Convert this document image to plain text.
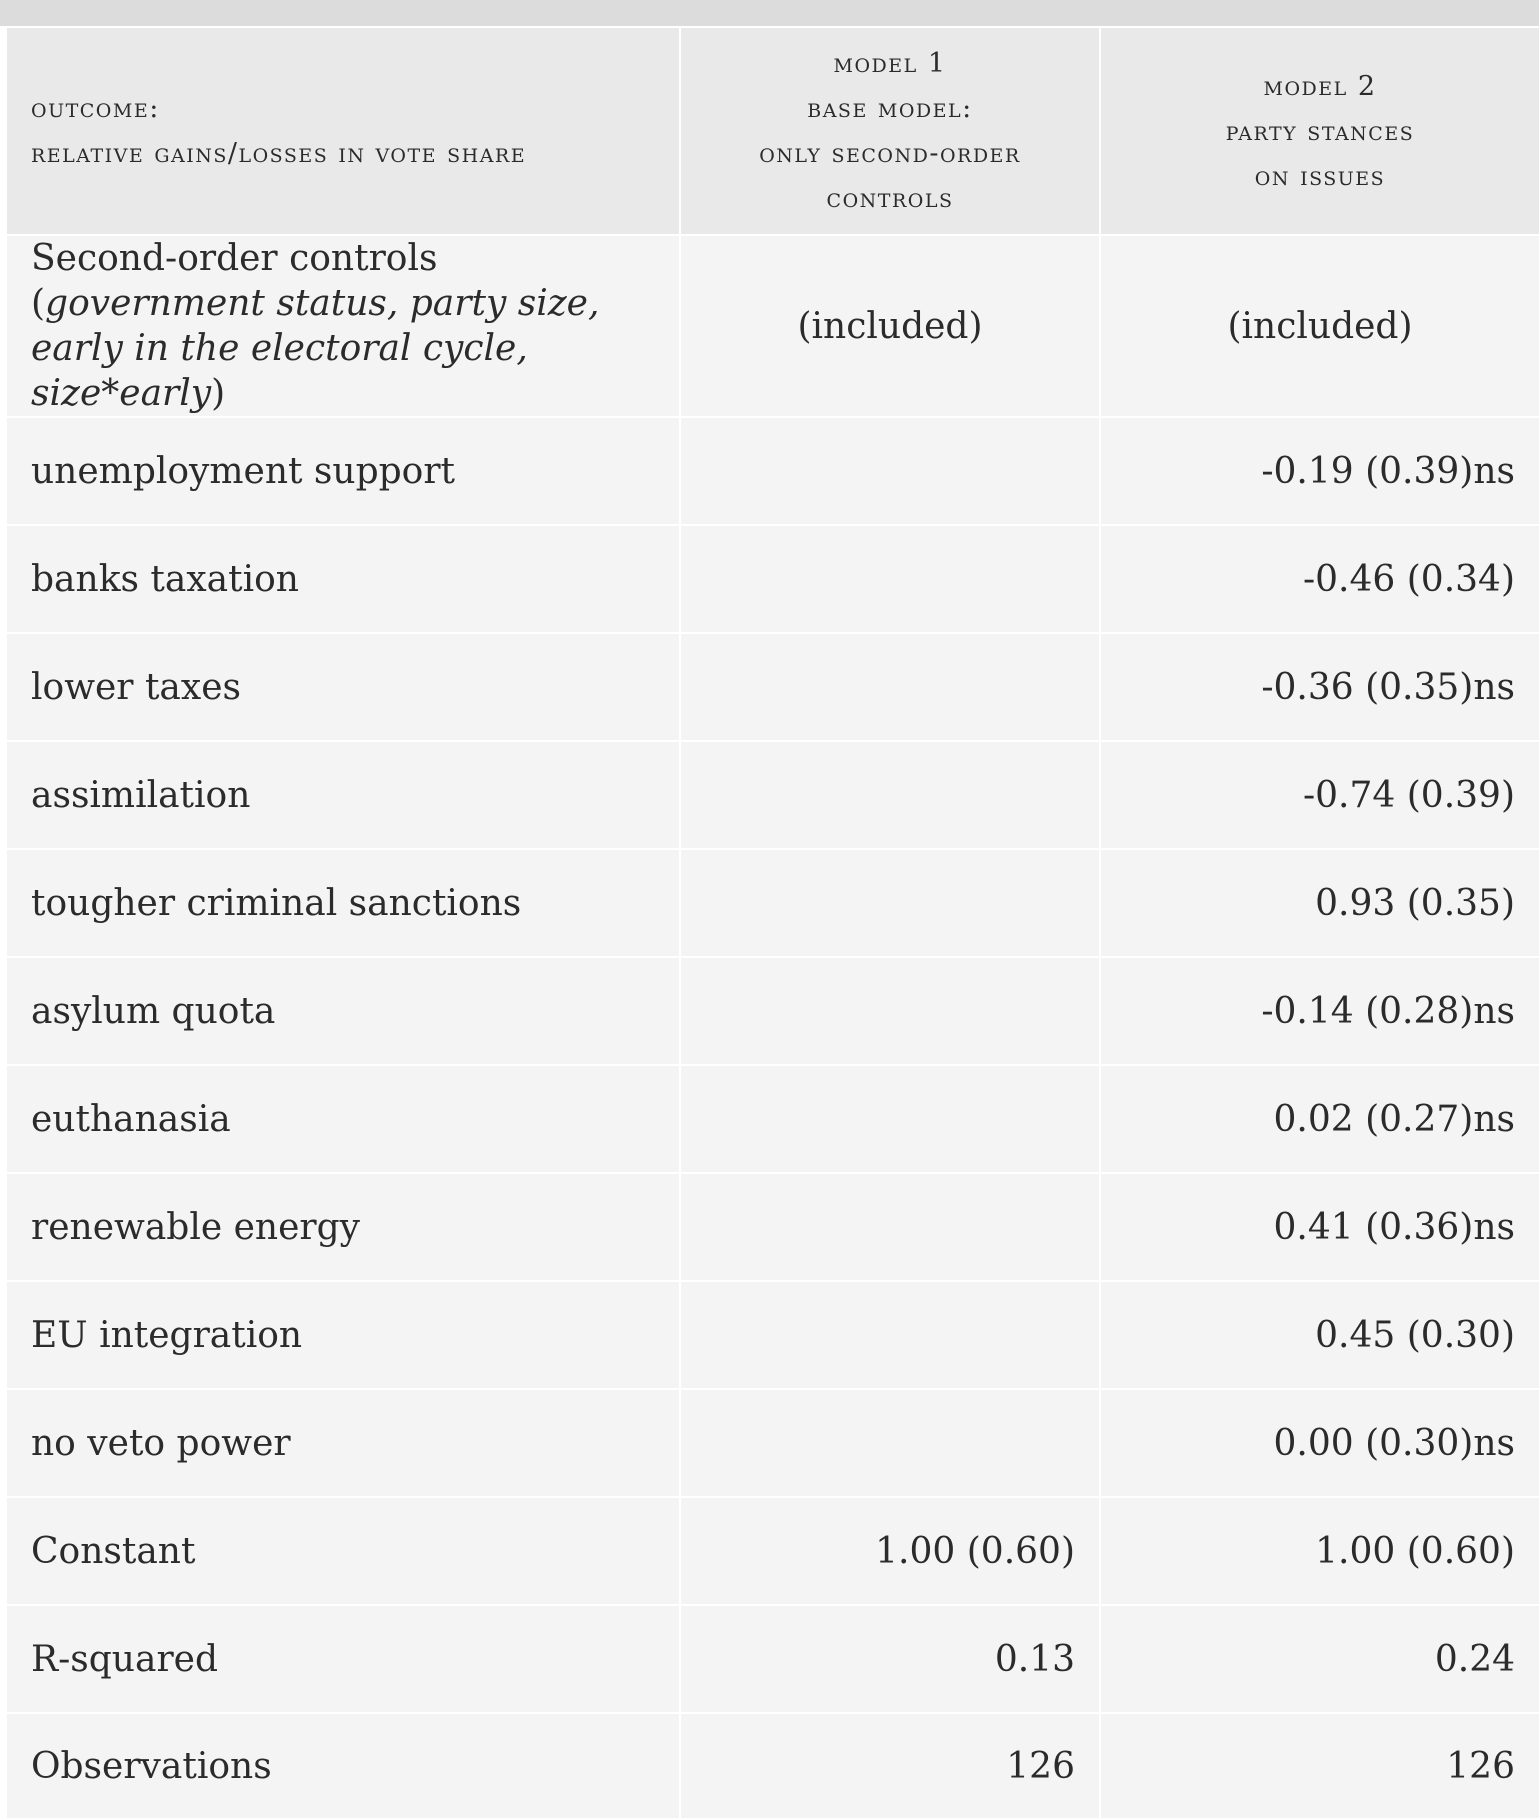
outcome:
relative gains/losses in vote share	model 1
base model:
only second-order
controls	model 2
party stances
on issues

Second-order controls (government status, party size, early in the electoral cycle, size*early)	(included)	(included)
unemployment support		-0.19 (0.39)ns
banks taxation		-0.46 (0.34)
lower taxes		-0.36 (0.35)ns
assimilation		-0.74 (0.39)
tougher criminal sanctions		0.93 (0.35)
asylum quota		-0.14 (0.28)ns
euthanasia		0.02 (0.27)ns
renewable energy		0.41 (0.36)ns
EU integration		0.45 (0.30)
no veto power		0.00 (0.30)ns
Constant	1.00 (0.60)	1.00 (0.60)
R-squared	0.13	0.24
Observations	126	126
